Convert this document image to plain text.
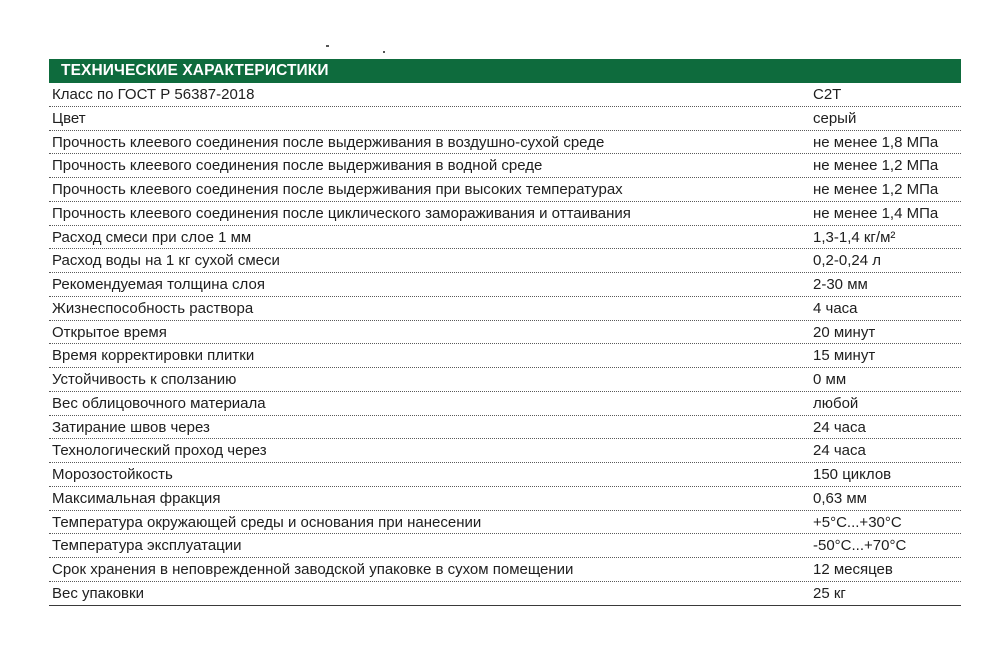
ТЕХНИЧЕСКИЕ ХАРАКТЕРИСТИКИ
Класс по ГОСТ Р 56387-2018	С2Т
Цвет	серый
Прочность клеевого соединения после выдерживания в воздушно-сухой среде	не менее 1,8 МПа
Прочность клеевого соединения после выдерживания в водной среде	не менее 1,2 МПа
Прочность клеевого соединения после выдерживания при высоких температурах	не менее 1,2 МПа
Прочность клеевого соединения после циклического замораживания и оттаивания	не менее 1,4 МПа
Расход смеси при слое 1 мм	1,3-1,4 кг/м²
Расход воды на 1 кг сухой смеси	0,2-0,24 л
Рекомендуемая толщина слоя	2-30 мм
Жизнеспособность раствора	4 часа
Открытое время	20 минут
Время корректировки плитки	15 минут
Устойчивость к сползанию	0 мм
Вес облицовочного материала	любой
Затирание швов через	24 часа
Технологический проход через	24 часа
Морозостойкость	150 циклов
Максимальная фракция	0,63 мм
Температура окружающей среды и основания при нанесении	+5°С...+30°С
Температура эксплуатации	-50°С...+70°С
Срок хранения в неповрежденной заводской упаковке в сухом помещении	12 месяцев
Вес упаковки	25 кг
